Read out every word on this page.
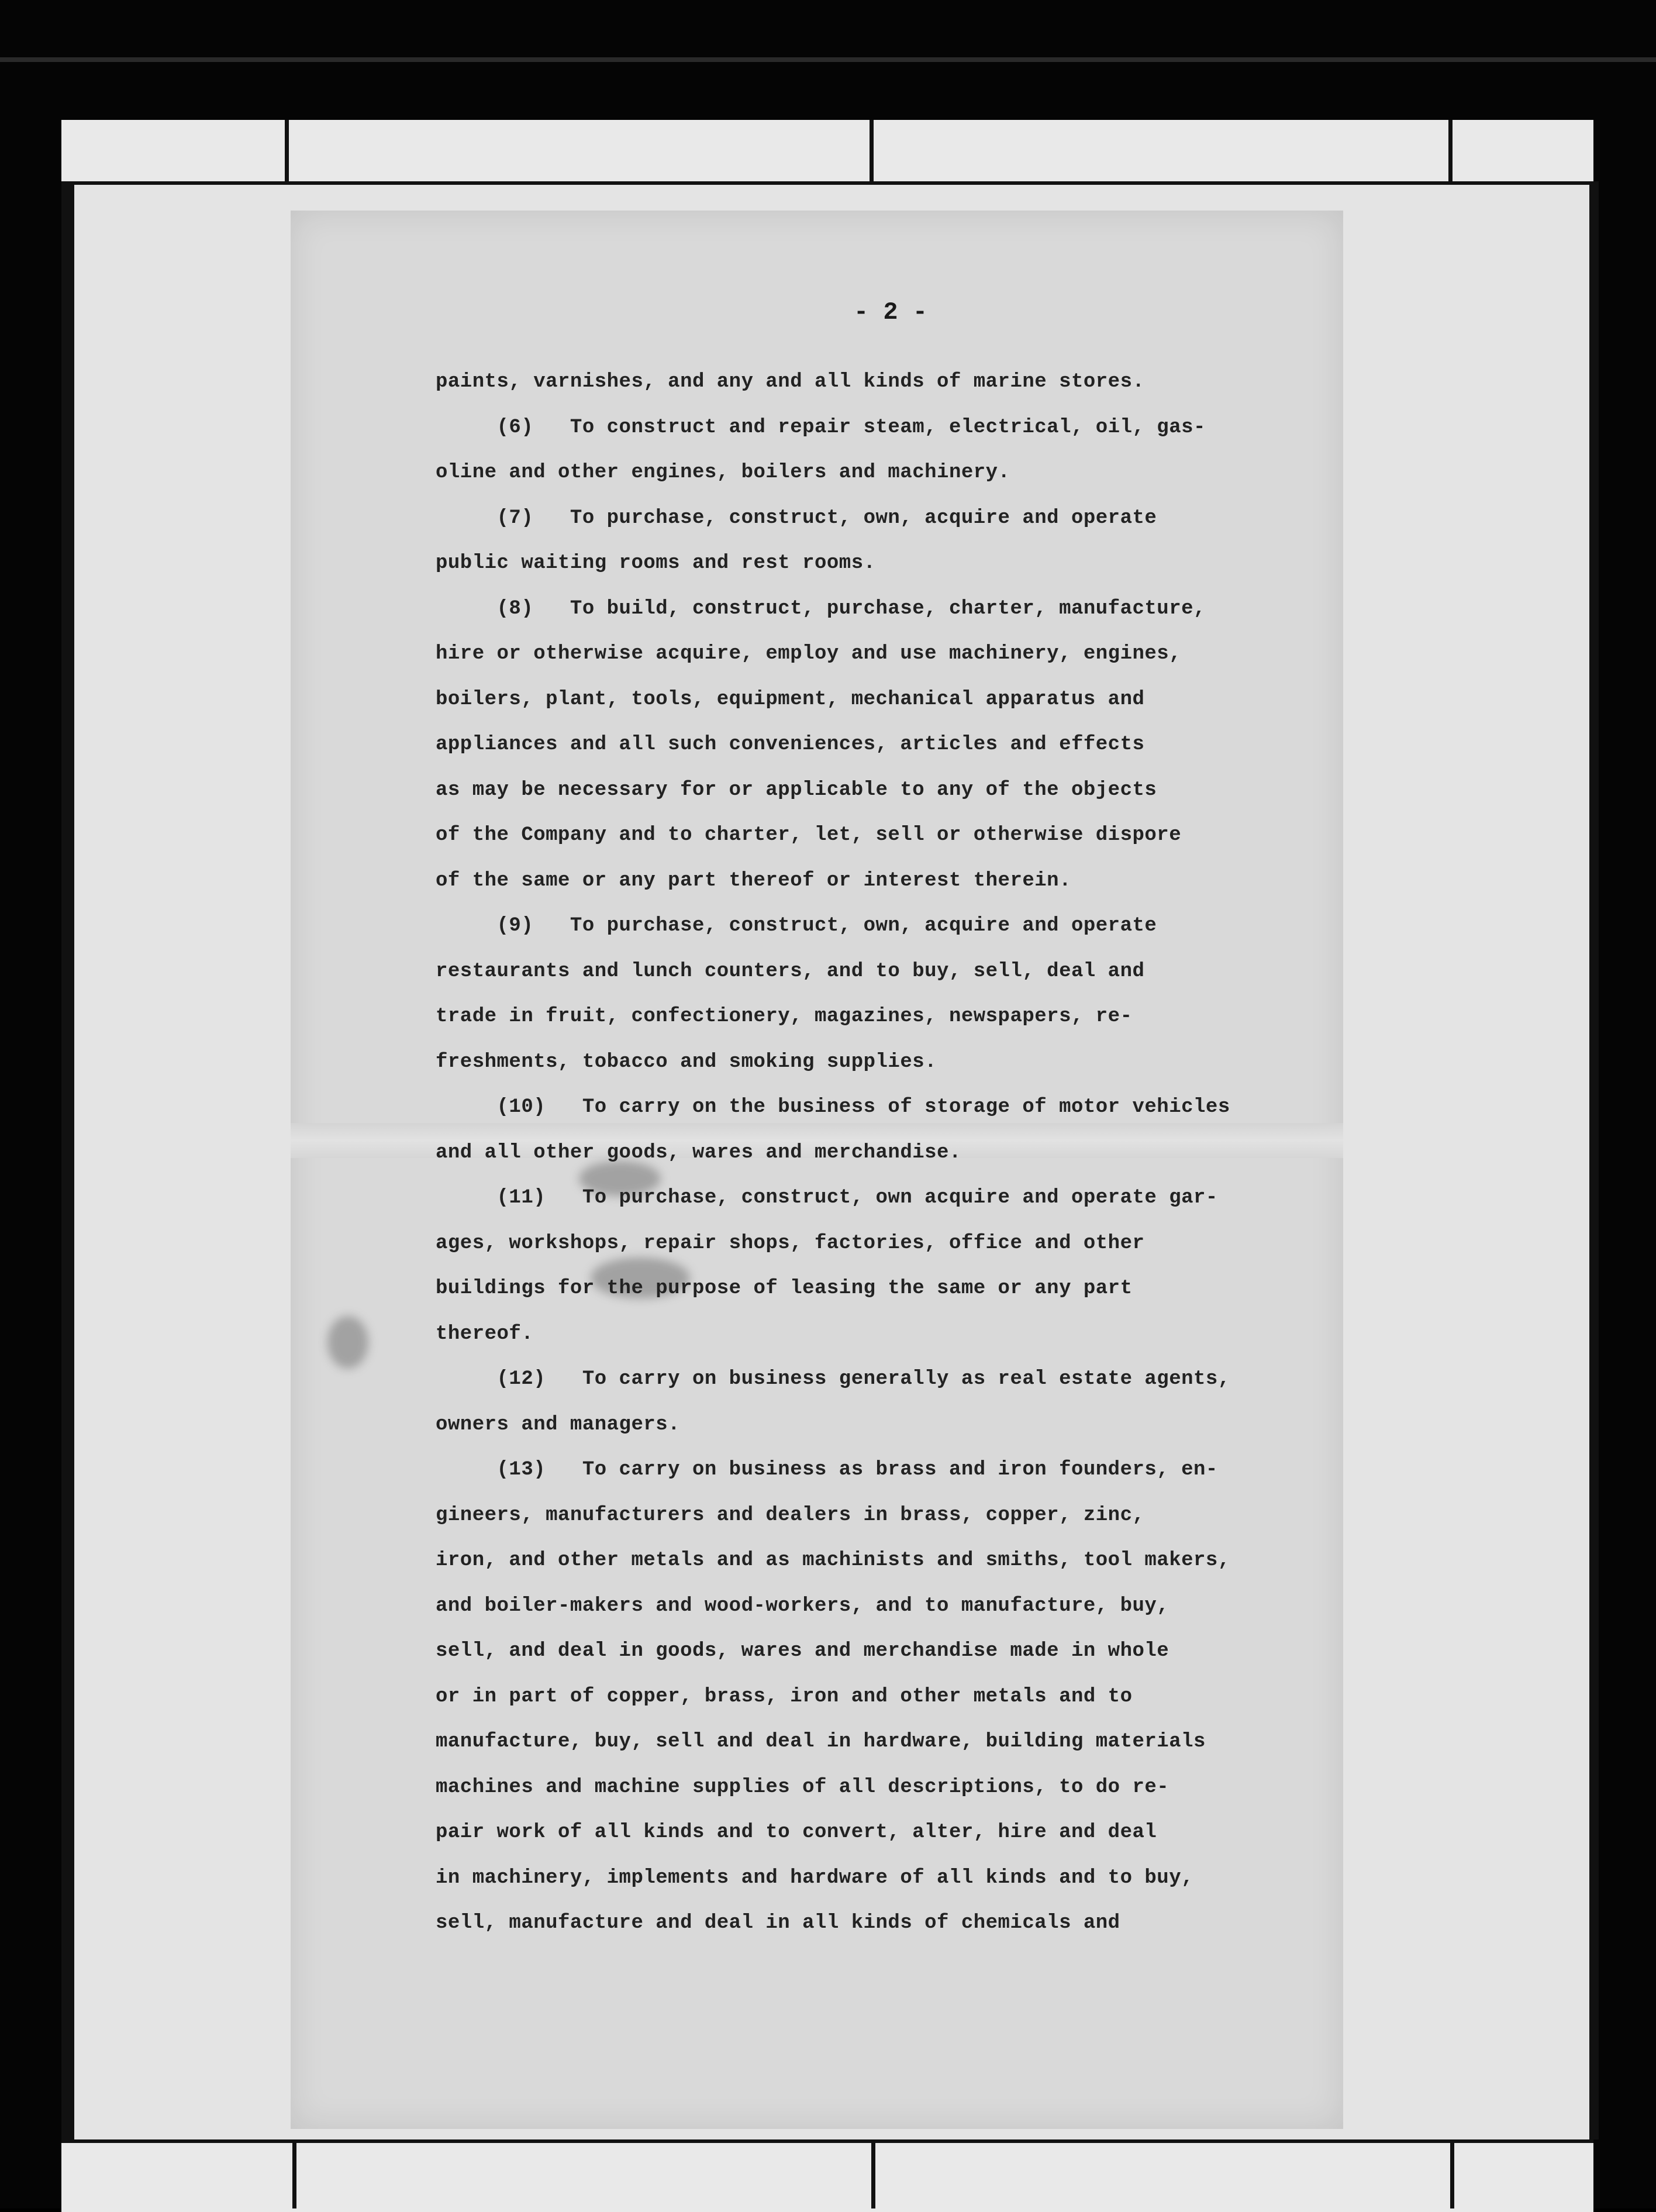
- 2 -
paints, varnishes, and any and all kinds of marine stores.
(6)   To construct and repair steam, electrical, oil, gas-
oline and other engines, boilers and machinery.
(7)   To purchase, construct, own, acquire and operate
public waiting rooms and rest rooms.
(8)   To build, construct, purchase, charter, manufacture,
hire or otherwise acquire, employ and use machinery, engines,
boilers, plant, tools, equipment, mechanical apparatus and
appliances and all such conveniences, articles and effects
as may be necessary for or applicable to any of the objects
of the Company and to charter, let, sell or otherwise dispore
of the same or any part thereof or interest therein.
(9)   To purchase, construct, own, acquire and operate
restaurants and lunch counters, and to buy, sell, deal and
trade in fruit, confectionery, magazines, newspapers, re-
freshments, tobacco and smoking supplies.
(10)   To carry on the business of storage of motor vehicles
and all other goods, wares and merchandise.
(11)   To purchase, construct, own acquire and operate gar-
ages, workshops, repair shops, factories, office and other
buildings for the purpose of leasing the same or any part
thereof.
(12)   To carry on business generally as real estate agents,
owners and managers.
(13)   To carry on business as brass and iron founders, en-
gineers, manufacturers and dealers in brass, copper, zinc,
iron, and other metals and as machinists and smiths, tool makers,
and boiler-makers and wood-workers, and to manufacture, buy,
sell, and deal in goods, wares and merchandise made in whole
or in part of copper, brass, iron and other metals and to
manufacture, buy, sell and deal in hardware, building materials
machines and machine supplies of all descriptions, to do re-
pair work of all kinds and to convert, alter, hire and deal
in machinery, implements and hardware of all kinds and to buy,
sell, manufacture and deal in all kinds of chemicals and
